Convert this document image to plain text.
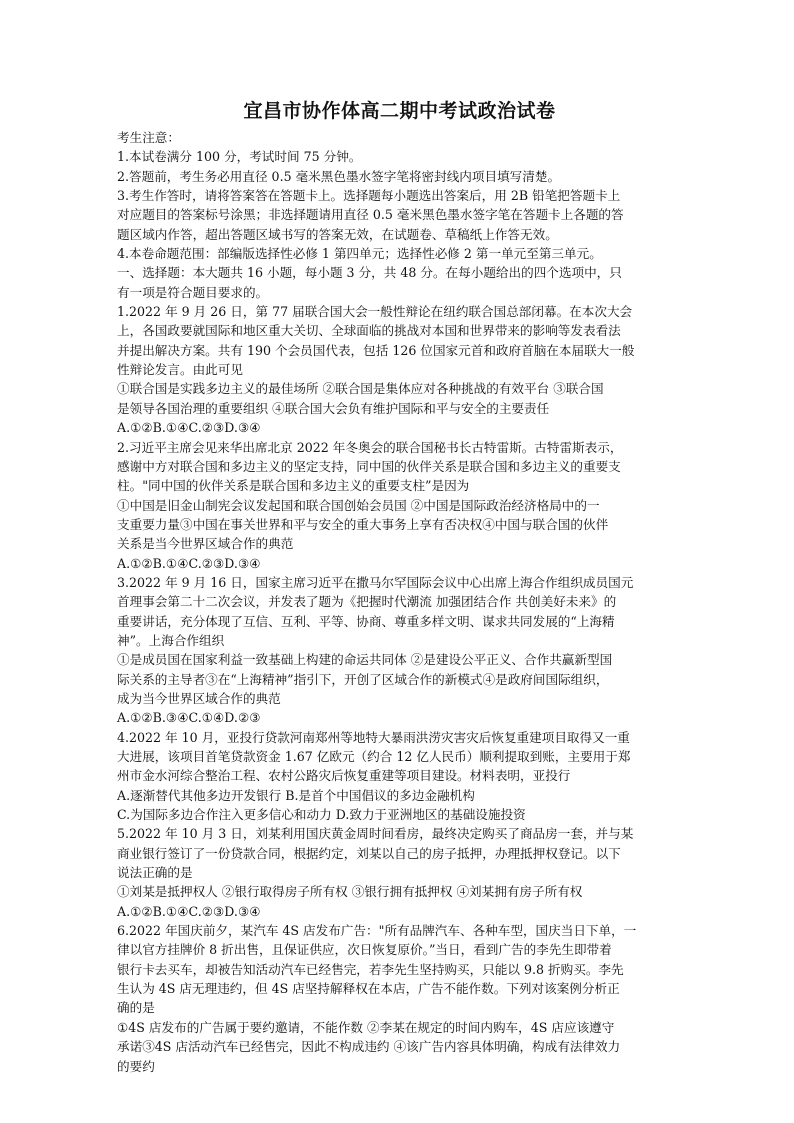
宜昌市协作体高二期中考试政治试卷

考生注意：

1.本试卷满分 100 分，考试时间 75 分钟。

2.答题前，考生务必用直径 0.5 毫米黑色墨水签字笔将密封线内项目填写清楚。

3.考生作答时，请将答案答在答题卡上。选择题每小题选出答案后，用 2B 铅笔把答题卡上

对应题目的答案标号涂黑；非选择题请用直径 0.5 毫米黑色墨水签字笔在答题卡上各题的答

题区域内作答，超出答题区域书写的答案无效，在试题卷、草稿纸上作答无效。

4.本卷命题范围：部编版选择性必修 1 第四单元；选择性必修 2 第一单元至第三单元。

一、选择题：本大题共 16 小题，每小题 3 分，共 48 分。在每小题给出的四个选项中，只

有一项是符合题目要求的。

1.2022 年 9 月 26 日，第 77 届联合国大会一般性辩论在纽约联合国总部闭幕。在本次大会

上，各国政要就国际和地区重大关切、全球面临的挑战对本国和世界带来的影响等发表看法

并提出解决方案。共有 190 个会员国代表，包括 126 位国家元首和政府首脑在本届联大一般

性辩论发言。由此可见

①联合国是实践多边主义的最佳场所 ②联合国是集体应对各种挑战的有效平台 ③联合国

是领导各国治理的重要组织 ④联合国大会负有维护国际和平与安全的主要责任

A.①②B.①④C.②③D.③④

2.习近平主席会见来华出席北京 2022 年冬奥会的联合国秘书长古特雷斯。古特雷斯表示，

感谢中方对联合国和多边主义的坚定支持，同中国的伙伴关系是联合国和多边主义的重要支

柱。"同中国的伙伴关系是联合国和多边主义的重要支柱”是因为

①中国是旧金山制宪会议发起国和联合国创始会员国 ②中国是国际政治经济格局中的一

支重要力量③中国在事关世界和平与安全的重大事务上享有否决权④中国与联合国的伙伴

关系是当今世界区域合作的典范

A.①②B.①④C.②③D.③④

3.2022 年 9 月 16 日，国家主席习近平在撒马尔罕国际会议中心出席上海合作组织成员国元

首理事会第二十二次会议，并发表了题为《把握时代潮流 加强团结合作 共创美好未来》的

重要讲话，充分体现了互信、互利、平等、协商、尊重多样文明、谋求共同发展的“上海精

神”。上海合作组织

①是成员国在国家利益一致基础上构建的命运共同体 ②是建设公平正义、合作共赢新型国

际关系的主导者③在“上海精神”指引下，开创了区域合作的新模式④是政府间国际组织，

成为当今世界区域合作的典范

A.①②B.③④C.①④D.②③

4.2022 年 10 月，亚投行贷款河南郑州等地特大暴雨洪涝灾害灾后恢复重建项目取得又一重

大进展，该项目首笔贷款资金 1.67 亿欧元（约合 12 亿人民币）顺利提取到账，主要用于郑

州市金水河综合整治工程、农村公路灾后恢复重建等项目建设。材料表明，亚投行

A.逐渐替代其他多边开发银行 B.是首个中国倡议的多边金融机构

C.为国际多边合作注入更多信心和动力 D.致力于亚洲地区的基础设施投资

5.2022 年 10 月 3 日，刘某利用国庆黄金周时间看房，最终决定购买了商品房一套，并与某

商业银行签订了一份贷款合同，根据约定，刘某以自己的房子抵押，办理抵押权登记。以下

说法正确的是

①刘某是抵押权人 ②银行取得房子所有权 ③银行拥有抵押权 ④刘某拥有房子所有权

A.①②B.①④C.②③D.③④

6.2022 年国庆前夕，某汽车 4S 店发布广告："所有品牌汽车、各种车型，国庆当日下单，一

律以官方挂牌价 8 折出售，且保证供应，次日恢复原价。”当日，看到广告的李先生即带着

银行卡去买车，却被告知活动汽车已经售完，若李先生坚持购买，只能以 9.8 折购买。李先

生认为 4S 店无理违约，但 4S 店坚持解释权在本店，广告不能作数。下列对该案例分析正

确的是

①4S 店发布的广告属于要约邀请，不能作数 ②李某在规定的时间内购车，4S 店应该遵守

承诺③4S 店活动汽车已经售完，因此不构成违约 ④该广告内容具体明确，构成有法律效力

的要约
